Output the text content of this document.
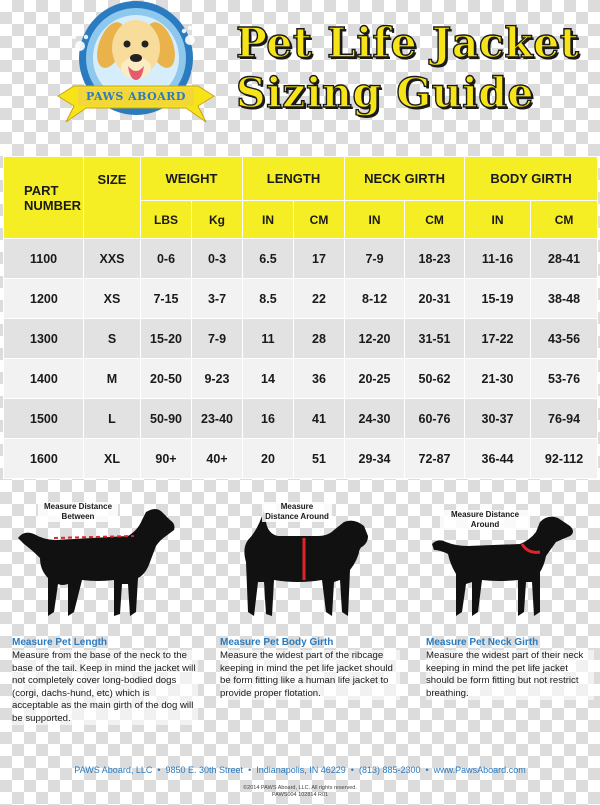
PAWS ABOARD
Pet Life Jacket
Sizing Guide
PART NUMBER	SIZE	WEIGHT		LENGTH		NECK GIRTH		BODY GIRTH	
		LBS	Kg	IN	CM	IN	CM	IN	CM
1100	XXS	0-6	0-3	6.5	17	7-9	18-23	11-16	28-41
1200	XS	7-15	3-7	8.5	22	8-12	20-31	15-19	38-48
1300	S	15-20	7-9	11	28	12-20	31-51	17-22	43-56
1400	M	20-50	9-23	14	36	20-25	50-62	21-30	53-76
1500	L	50-90	23-40	16	41	24-30	60-76	30-37	76-94
1600	XL	90+	40+	20	51	29-34	72-87	36-44	92-112
Measure Distance Between
Measure Pet Length
Measure from the base of the neck to the base of the tail. Keep in mind the jacket will not completely cover long-bodied dogs (corgi, dachs-hund, etc) which is acceptable as the main girth of the dog will be supported.
Measure Distance Around
Measure Pet Body Girth
Measure the widest part of the ribcage keeping in mind the pet life jacket should be form fitting like a human life jacket to provide proper flotation.
Measure Distance Around
Measure Pet Neck Girth
Measure the widest part of their neck keeping in mind the pet life jacket should be form fitting but not restrict breathing.
PAWS Aboard, LLC • 9850 E. 30th Street • Indianapolis, IN 46229 • (813) 885-2300 • www.PawsAboard.com
©2014 PAWS Aboard, LLC. All rights reserved.
PAWS004 102814 R01
